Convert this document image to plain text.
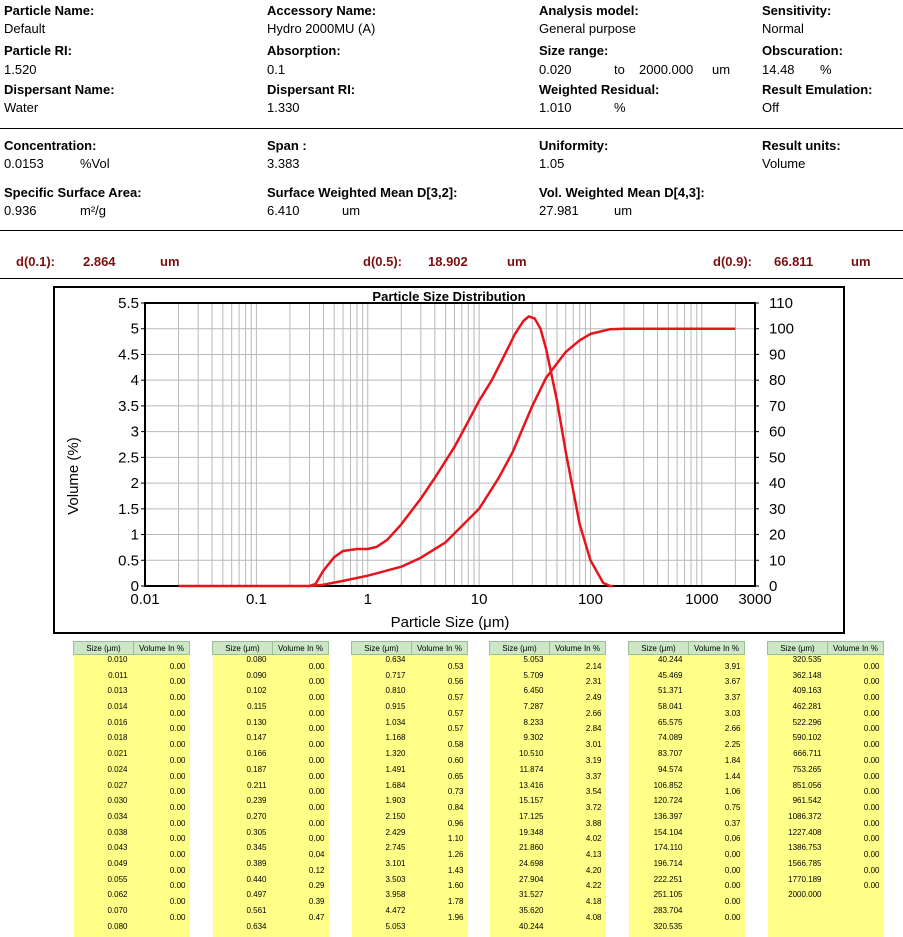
Particle Name:
Default
Accessory Name:
Hydro 2000MU (A)
Analysis model:
General purpose
Sensitivity:
Normal
Particle RI:
1.520
Absorption:
0.1
Size range:
0.020	to 2000.000 um
Obscuration:
14.48 %
Dispersant Name:
Water
Dispersant RI:
1.330
Weighted Residual:
1.010	%
Result Emulation:
Off
Concentration:
0.0153	%Vol
Span :
3.383
Uniformity:
1.05
Result units:
Volume
Specific Surface Area:
0.936	m²/g
Surface Weighted Mean D[3,2]:
6.410	um
Vol. Weighted Mean D[4,3]:
27.981	um
d(0.1): 2.864	um	d(0.5): 18.902	um	d(0.9): 66.811	um
0
0.5
1
1.5
2
2.5
3
3.5
4
4.5
5
5.5
0
10
20
30
40
50
60
70
80
90
100
110
0.01	0.1	1	10	100	1000 3000
Particle Size Distribution
Volume (%)
Particle Size (μm)
Size (μm)	Volume In %
0.010	0.00
0.011	0.00
0.013	0.00
0.014	0.00
0.016	0.00
0.018	0.00
0.021	0.00
0.024	0.00
0.027	0.00
0.030	0.00
0.034	0.00
0.038	0.00
0.043	0.00
0.049	0.00
0.055	0.00
0.062	0.00
0.070	0.00
0.080	
Size (μm)	Volume In %
0.080	0.00
0.090	0.00
0.102	0.00
0.115	0.00
0.130	0.00
0.147	0.00
0.166	0.00
0.187	0.00
0.211	0.00
0.239	0.00
0.270	0.00
0.305	0.00
0.345	0.04
0.389	0.12
0.440	0.29
0.497	0.39
0.561	0.47
0.634	
Size (μm)	Volume In %
0.634	0.53
0.717	0.56
0.810	0.57
0.915	0.57
1.034	0.57
1.168	0.58
1.320	0.60
1.491	0.65
1.684	0.73
1.903	0.84
2.150	0.96
2.429	1.10
2.745	1.26
3.101	1.43
3.503	1.60
3.958	1.78
4.472	1.96
5.053	
Size (μm)	Volume In %
5.053	2.14
5.709	2.31
6.450	2.49
7.287	2.66
8.233	2.84
9.302	3.01
10.510	3.19
11.874	3.37
13.416	3.54
15.157	3.72
17.125	3.88
19.348	4.02
21.860	4.13
24.698	4.20
27.904	4.22
31.527	4.18
35.620	4.08
40.244	
Size (μm)	Volume In %
40.244	3.91
45.469	3.67
51.371	3.37
58.041	3.03
65.575	2.66
74.089	2.25
83.707	1.84
94.574	1.44
106.852	1.06
120.724	0.75
136.397	0.37
154.104	0.06
174.110	0.00
196.714	0.00
222.251	0.00
251.105	0.00
283.704	0.00
320.535	
Size (μm)	Volume In %
320.535	0.00
362.148	0.00
409.163	0.00
462.281	0.00
522.296	0.00
590.102	0.00
666.711	0.00
753.265	0.00
851.056	0.00
961.542	0.00
1086.372	0.00
1227.408	0.00
1386.753	0.00
1566.785	0.00
1770.189	0.00
2000.000	
